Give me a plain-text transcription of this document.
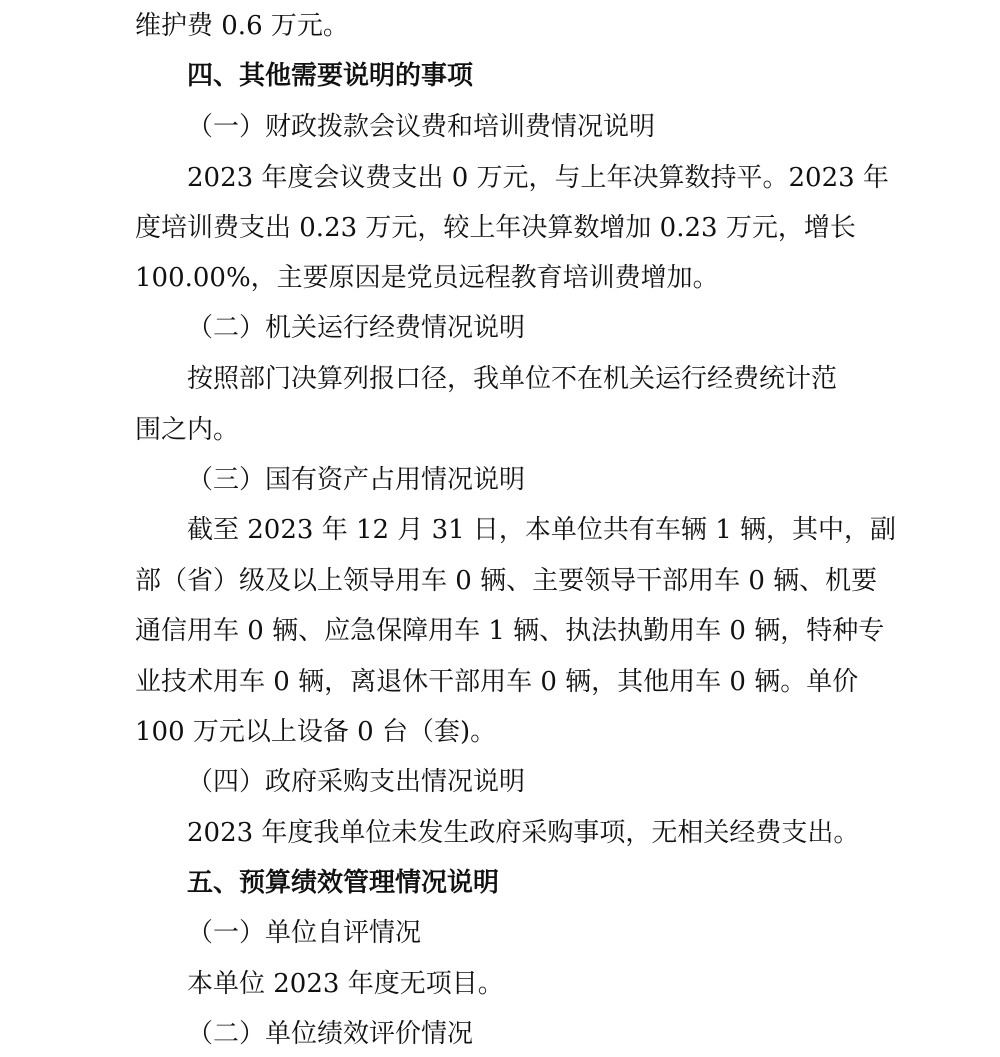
维护费 0.6 万元。
四、其他需要说明的事项
（一）财政拨款会议费和培训费情况说明
2023 年度会议费支出 0 万元，与上年决算数持平。2023 年
度培训费支出 0.23 万元，较上年决算数增加 0.23 万元，增长
100.00%，主要原因是党员远程教育培训费增加。
（二）机关运行经费情况说明
按照部门决算列报口径，我单位不在机关运行经费统计范
围之内。
（三）国有资产占用情况说明
截至 2023 年 12 月 31 日，本单位共有车辆 1 辆，其中，副
部（省）级及以上领导用车 0 辆、主要领导干部用车 0 辆、机要
通信用车 0 辆、应急保障用车 1 辆、执法执勤用车 0 辆，特种专
业技术用车 0 辆，离退休干部用车 0 辆，其他用车 0 辆。单价
100 万元以上设备 0 台（套)。
（四）政府采购支出情况说明
2023 年度我单位未发生政府采购事项，无相关经费支出。
五、预算绩效管理情况说明
（一）单位自评情况
本单位 2023 年度无项目。
（二）单位绩效评价情况
